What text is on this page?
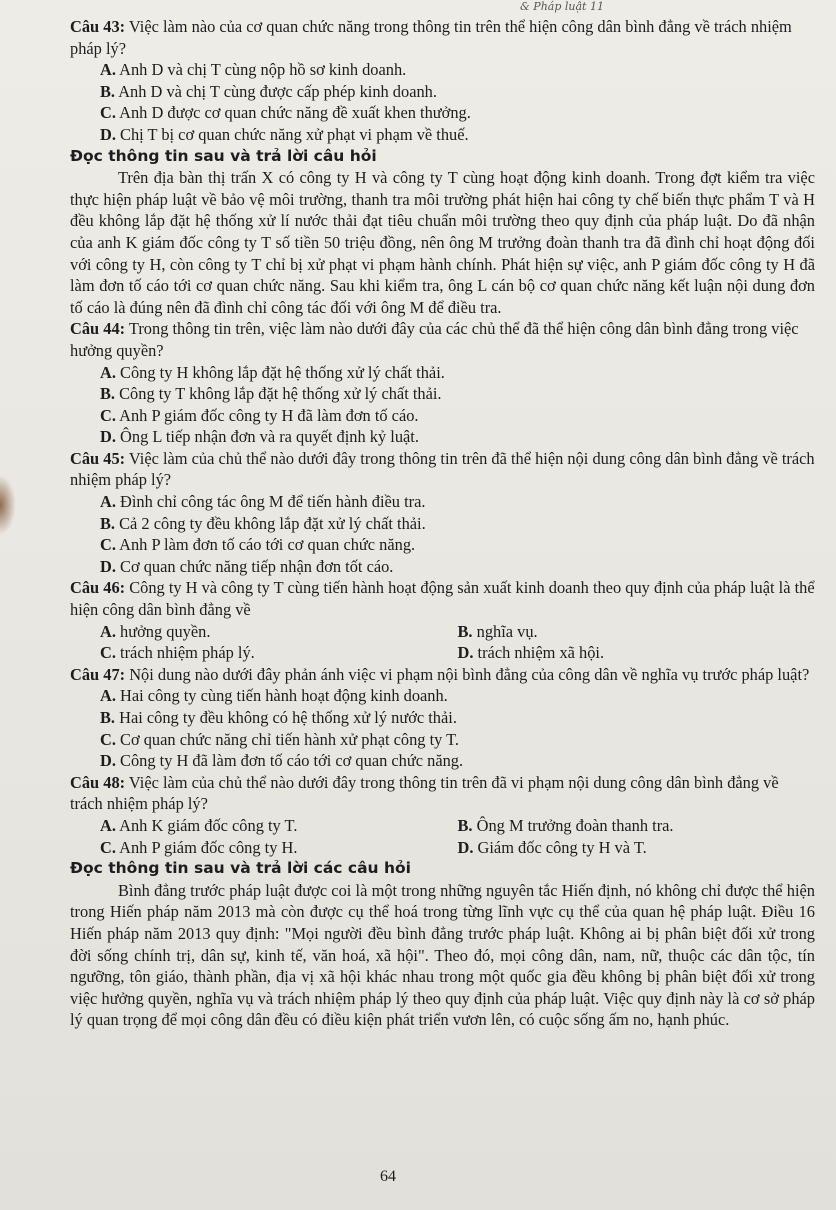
& Pháp luật 11

Câu 43: Việc làm nào của cơ quan chức năng trong thông tin trên thể hiện công dân bình đẳng về trách nhiệm pháp lý?

A. Anh D và chị T cùng nộp hồ sơ kinh doanh.

B. Anh D và chị T cùng được cấp phép kinh doanh.

C. Anh D được cơ quan chức năng đề xuất khen thưởng.

D. Chị T bị cơ quan chức năng xử phạt vi phạm về thuế.

Đọc thông tin sau và trả lời câu hỏi

Trên địa bàn thị trấn X có công ty H và công ty T cùng hoạt động kinh doanh. Trong đợt kiểm tra việc thực hiện pháp luật về bảo vệ môi trường, thanh tra môi trường phát hiện hai công ty chế biến thực phẩm T và H đều không lắp đặt hệ thống xử lí nước thải đạt tiêu chuẩn môi trường theo quy định của pháp luật. Do đã nhận của anh K giám đốc công ty T số tiền 50 triệu đồng, nên ông M trưởng đoàn thanh tra đã đình chỉ hoạt động đối với công ty H, còn công ty T chỉ bị xử phạt vi phạm hành chính. Phát hiện sự việc, anh P giám đốc công ty H đã làm đơn tố cáo tới cơ quan chức năng. Sau khi kiểm tra, ông L cán bộ cơ quan chức năng kết luận nội dung đơn tố cáo là đúng nên đã đình chỉ công tác đối với ông M để điều tra.

Câu 44: Trong thông tin trên, việc làm nào dưới đây của các chủ thể đã thể hiện công dân bình đẳng trong việc hưởng quyền?

A. Công ty H không lắp đặt hệ thống xử lý chất thải.

B. Công ty T không lắp đặt hệ thống xử lý chất thải.

C. Anh P giám đốc công ty H đã làm đơn tố cáo.

D. Ông L tiếp nhận đơn và ra quyết định kỷ luật.

Câu 45: Việc làm của chủ thể nào dưới đây trong thông tin trên đã thể hiện nội dung công dân bình đẳng về trách nhiệm pháp lý?

A. Đình chỉ công tác ông M để tiến hành điều tra.

B. Cả 2 công ty đều không lắp đặt xử lý chất thải.

C. Anh P làm đơn tố cáo tới cơ quan chức năng.

D. Cơ quan chức năng tiếp nhận đơn tốt cáo.

Câu 46: Công ty H và công ty T cùng tiến hành hoạt động sản xuất kinh doanh theo quy định của pháp luật là thể hiện công dân bình đẳng về

A. hưởng quyền.	B. nghĩa vụ.
C. trách nhiệm pháp lý.	D. trách nhiệm xã hội.

Câu 47: Nội dung nào dưới đây phản ánh việc vi phạm nội bình đẳng của công dân về nghĩa vụ trước pháp luật?

A. Hai công ty cùng tiến hành hoạt động kinh doanh.

B. Hai công ty đều không có hệ thống xử lý nước thải.

C. Cơ quan chức năng chỉ tiến hành xử phạt công ty T.

D. Công ty H đã làm đơn tố cáo tới cơ quan chức năng.

Câu 48: Việc làm của chủ thể nào dưới đây trong thông tin trên đã vi phạm nội dung công dân bình đẳng về trách nhiệm pháp lý?

A. Anh K giám đốc công ty T.	B. Ông M trưởng đoàn thanh tra.
C. Anh P giám đốc công ty H.	D. Giám đốc công ty H và T.

Đọc thông tin sau và trả lời các câu hỏi

Bình đẳng trước pháp luật được coi là một trong những nguyên tắc Hiến định, nó không chỉ được thể hiện trong Hiến pháp năm 2013 mà còn được cụ thể hoá trong từng lĩnh vực cụ thể của quan hệ pháp luật. Điều 16 Hiến pháp năm 2013 quy định: "Mọi người đều bình đẳng trước pháp luật. Không ai bị phân biệt đối xử trong đời sống chính trị, dân sự, kinh tế, văn hoá, xã hội". Theo đó, mọi công dân, nam, nữ, thuộc các dân tộc, tín ngưỡng, tôn giáo, thành phần, địa vị xã hội khác nhau trong một quốc gia đều không bị phân biệt đối xử trong việc hưởng quyền, nghĩa vụ và trách nhiệm pháp lý theo quy định của pháp luật. Việc quy định này là cơ sở pháp lý quan trọng để mọi công dân đều có điều kiện phát triển vươn lên, có cuộc sống ấm no, hạnh phúc.

64
